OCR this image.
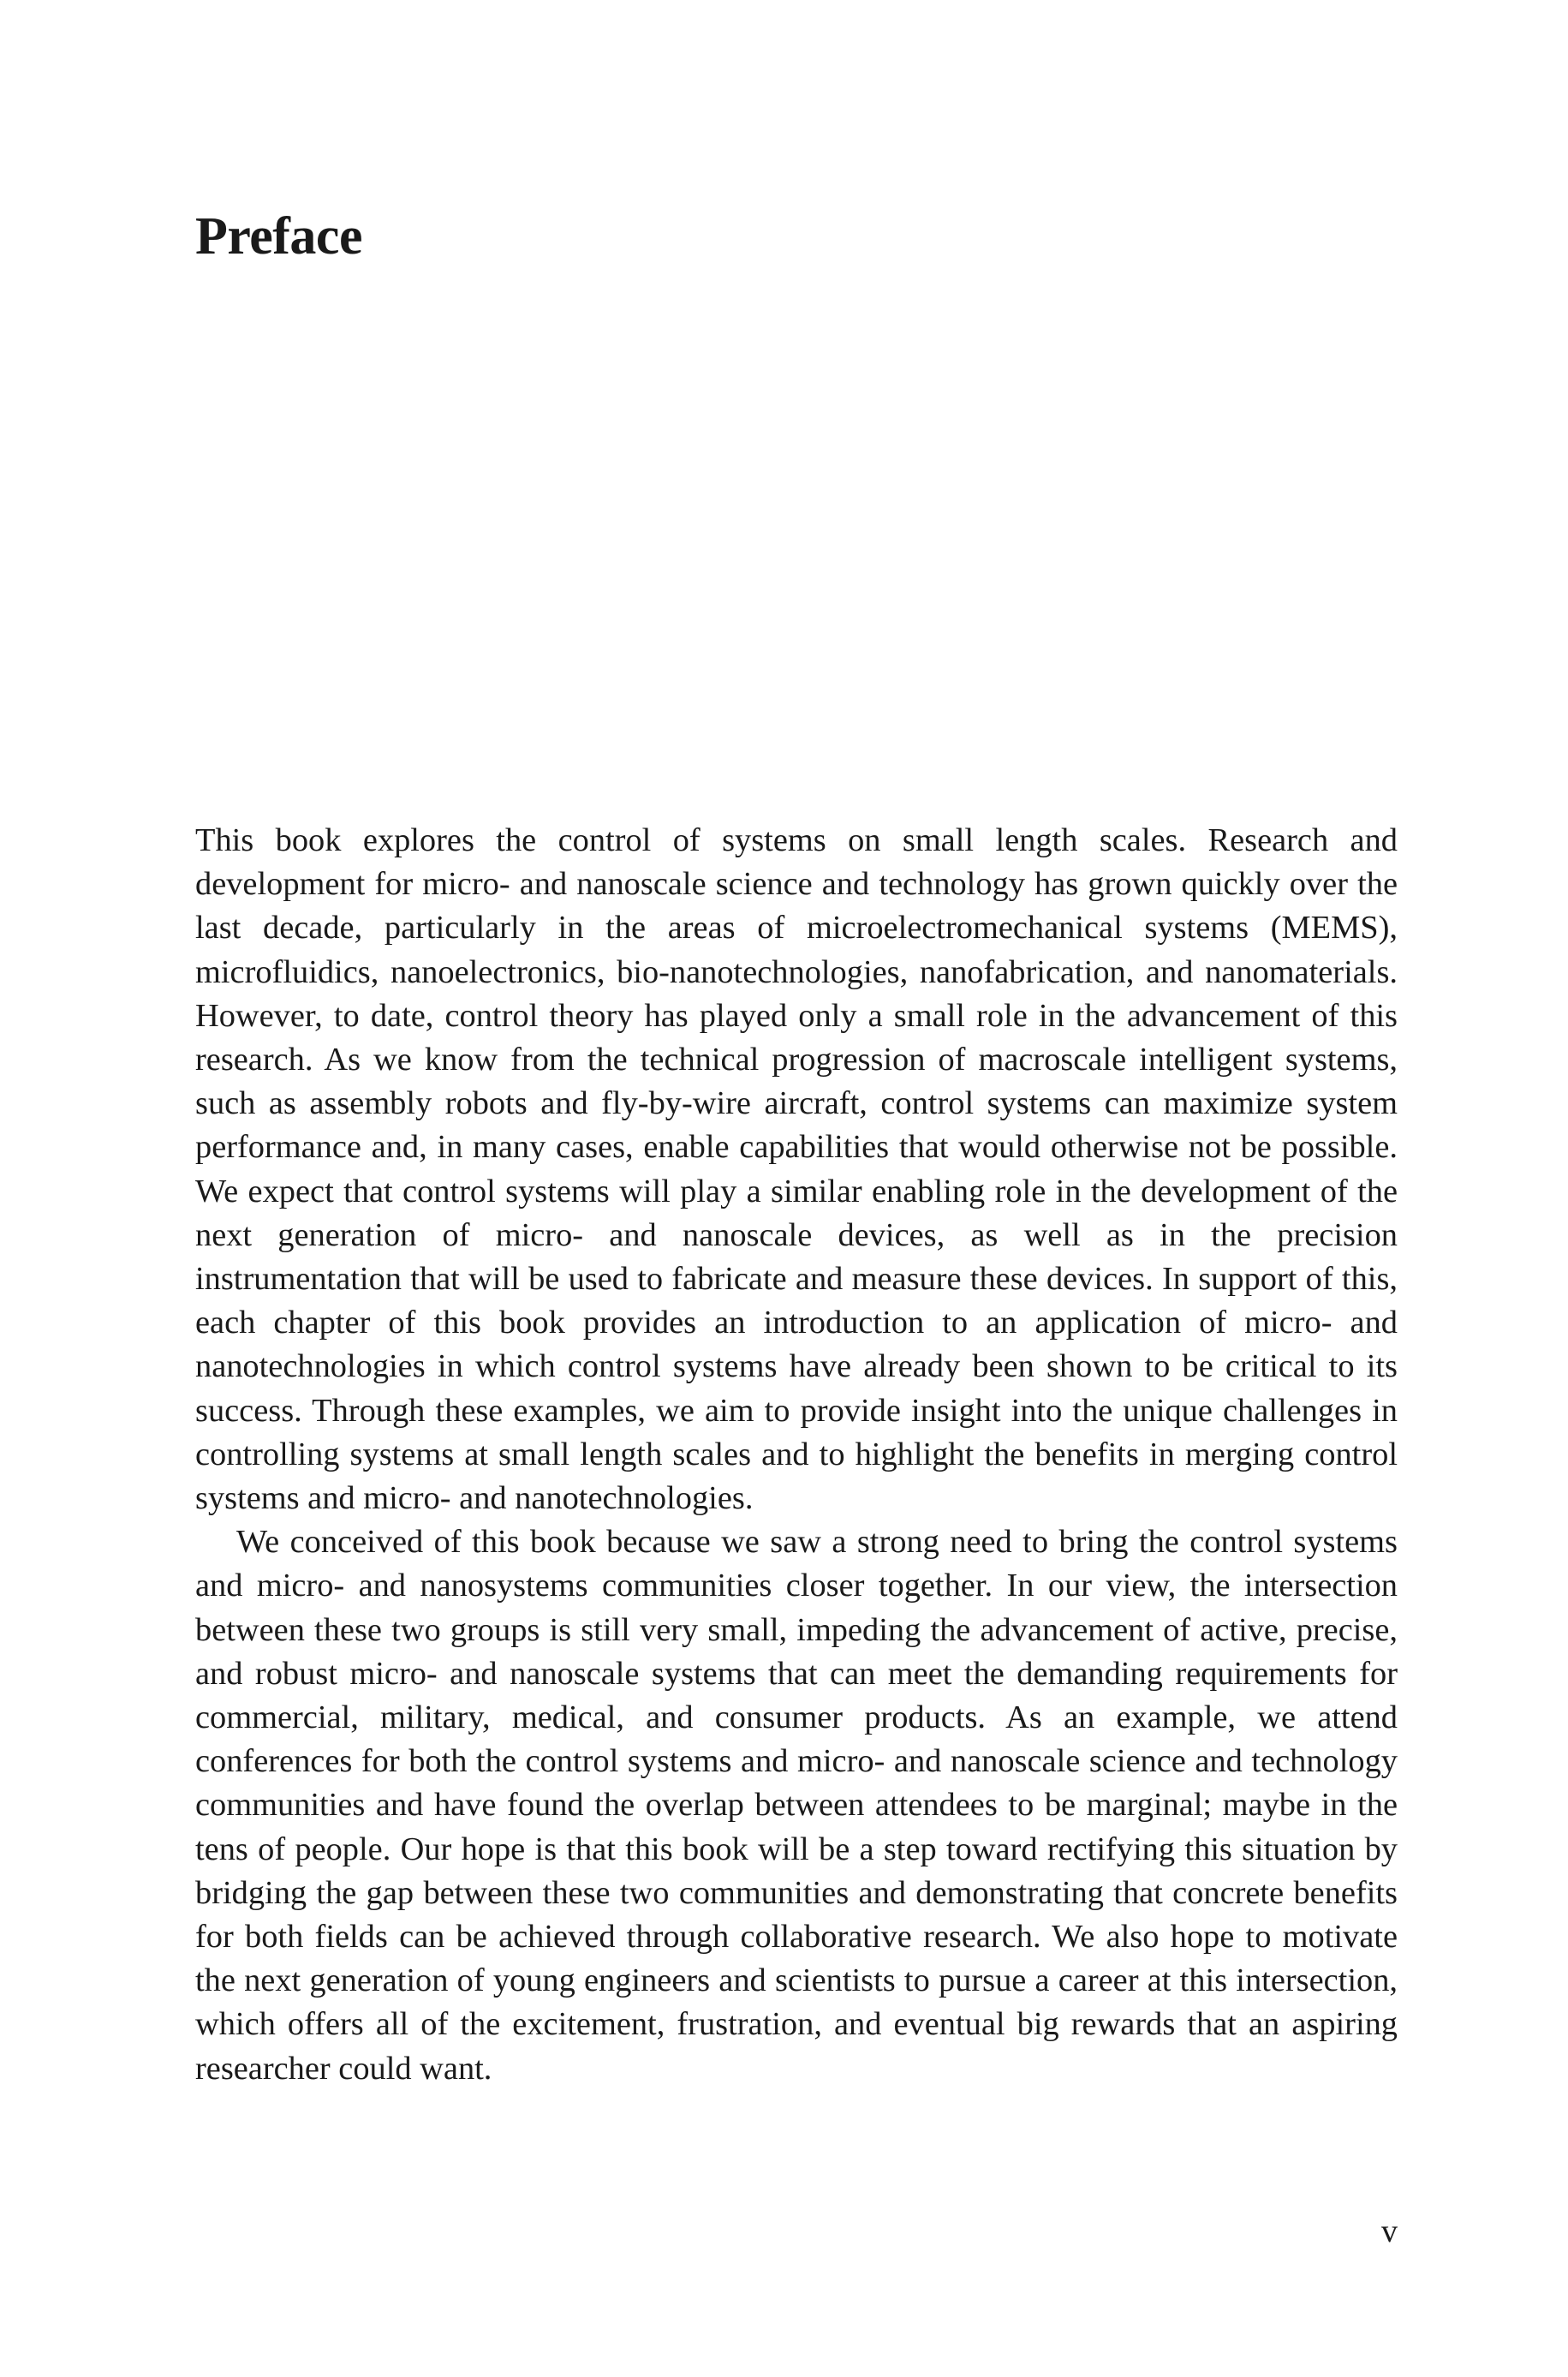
Preface

This book explores the control of systems on small length scales. Research and development for micro- and nanoscale science and technology has grown quickly over the last decade, particularly in the areas of microelectromechanical systems (MEMS), microfluidics, nanoelectronics, bio-nanotechnologies, nanofabrication, and nanomaterials. However, to date, control theory has played only a small role in the advancement of this research. As we know from the technical progression of macroscale intelligent systems, such as assembly robots and fly-by-wire aircraft, control systems can maximize system performance and, in many cases, enable capabilities that would otherwise not be possible. We expect that control systems will play a similar enabling role in the development of the next generation of micro- and nanoscale devices, as well as in the precision instrumentation that will be used to fabricate and measure these devices. In support of this, each chapter of this book provides an introduction to an application of micro- and nanotechnologies in which control systems have already been shown to be critical to its success. Through these examples, we aim to provide insight into the unique challenges in controlling systems at small length scales and to highlight the benefits in merging control systems and micro- and nanotechnologies.

We conceived of this book because we saw a strong need to bring the control systems and micro- and nanosystems communities closer together. In our view, the intersection between these two groups is still very small, impeding the advancement of active, precise, and robust micro- and nanoscale systems that can meet the demanding requirements for commercial, military, medical, and consumer products. As an example, we attend conferences for both the control systems and micro- and nanoscale science and technology communities and have found the overlap between attendees to be marginal; maybe in the tens of people. Our hope is that this book will be a step toward rectifying this situation by bridging the gap between these two communities and demonstrating that concrete benefits for both fields can be achieved through collaborative research. We also hope to motivate the next generation of young engineers and scientists to pursue a career at this intersection, which offers all of the excitement, frustration, and eventual big rewards that an aspiring researcher could want.

v
